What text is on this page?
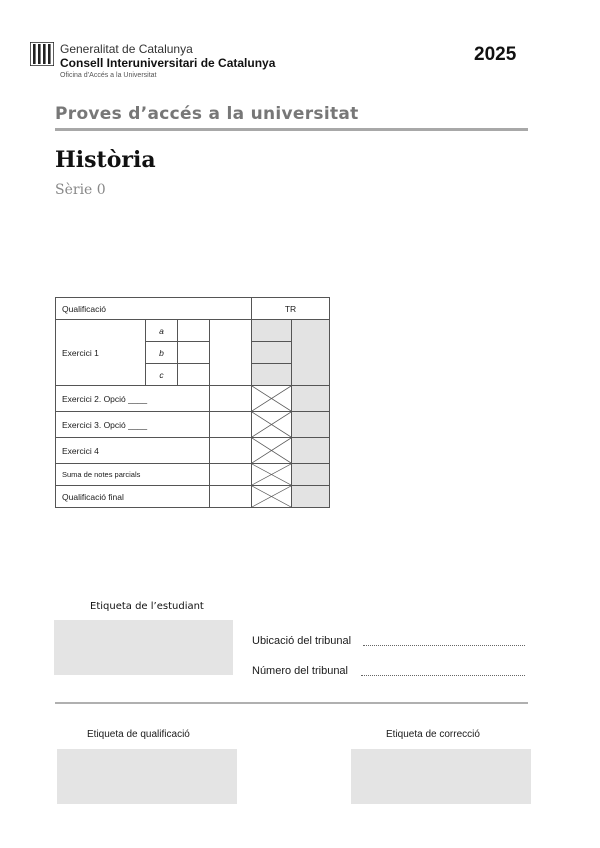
Generalitat de Catalunya
Consell Interuniversitari de Catalunya
Oficina d’Accés a la Universitat
2025
Proves d’accés a la universitat
Història
Sèrie 0
Qualificació				TR	
Exercici 1	a				
	b				
	c				
Exercici 2. Opció ____		

Exercici 3. Opció ____		

Exercici 4		

Suma de notes parcials		

Qualificació final		

Etiqueta de l’estudiant
Ubicació del tribunal
Número del tribunal
Etiqueta de qualificació	Etiqueta de correcció
